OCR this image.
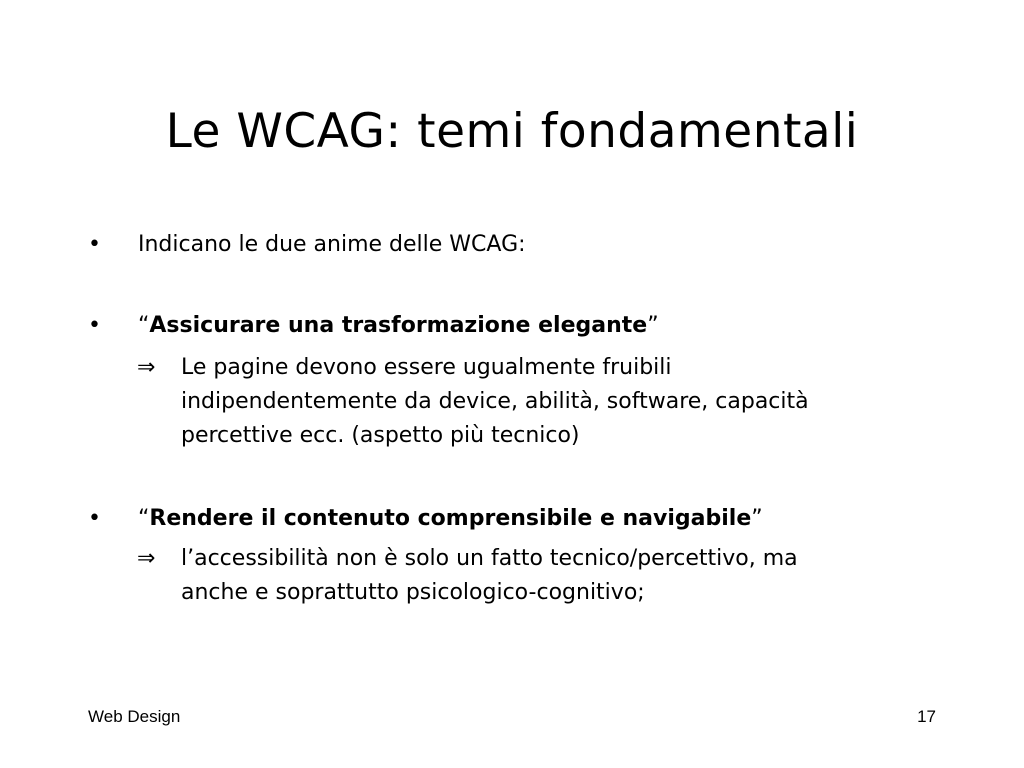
Le WCAG: temi fondamentali
• Indicano le due anime delle WCAG:
• “Assicurare una trasformazione elegante”
⇒ Le pagine devono essere ugualmente fruibili
indipendentemente da device, abilità, software, capacità
percettive ecc. (aspetto più tecnico)
• “Rendere il contenuto comprensibile e navigabile”
⇒ l’accessibilità non è solo un fatto tecnico/percettivo, ma
anche e soprattutto psicologico-cognitivo;
Web Design	17
